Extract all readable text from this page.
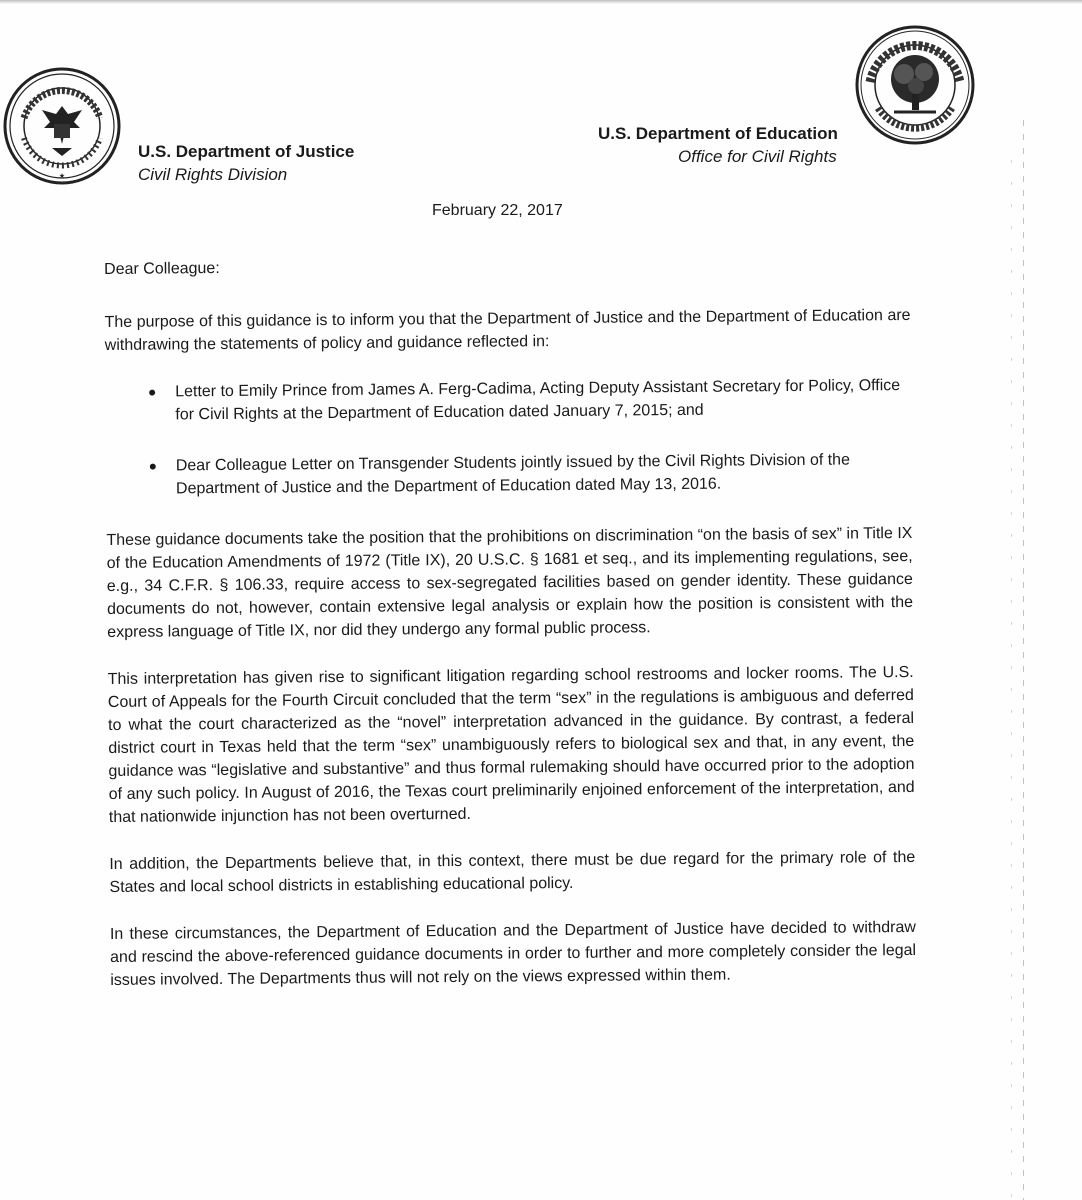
★
U.S. Department of Justice
Civil Rights Division
U.S. Department of Education
Office for Civil Rights
February 22, 2017

Dear Colleague:

The purpose of this guidance is to inform you that the Department of Justice and the Department of Education are withdrawing the statements of policy and guidance reflected in:

Letter to Emily Prince from James A. Ferg-Cadima, Acting Deputy Assistant Secretary for Policy, Office for Civil Rights at the Department of Education dated January 7, 2015; and
Dear Colleague Letter on Transgender Students jointly issued by the Civil Rights Division of the Department of Justice and the Department of Education dated May 13, 2016.

These guidance documents take the position that the prohibitions on discrimination “on the basis of sex” in Title IX of the Education Amendments of 1972 (Title IX), 20 U.S.C. § 1681 et seq., and its implementing regulations, see, e.g., 34 C.F.R. § 106.33, require access to sex-segregated facilities based on gender identity. These guidance documents do not, however, contain extensive legal analysis or explain how the position is consistent with the express language of Title IX, nor did they undergo any formal public process.

This interpretation has given rise to significant litigation regarding school restrooms and locker rooms. The U.S. Court of Appeals for the Fourth Circuit concluded that the term “sex” in the regulations is ambiguous and deferred to what the court characterized as the “novel” interpretation advanced in the guidance. By contrast, a federal district court in Texas held that the term “sex” unambiguously refers to biological sex and that, in any event, the guidance was “legislative and substantive” and thus formal rulemaking should have occurred prior to the adoption of any such policy. In August of 2016, the Texas court preliminarily enjoined enforcement of the interpretation, and that nationwide injunction has not been overturned.

In addition, the Departments believe that, in this context, there must be due regard for the primary role of the States and local school districts in establishing educational policy.

In these circumstances, the Department of Education and the Department of Justice have decided to withdraw and rescind the above-referenced guidance documents in order to further and more completely consider the legal issues involved. The Departments thus will not rely on the views expressed within them.
